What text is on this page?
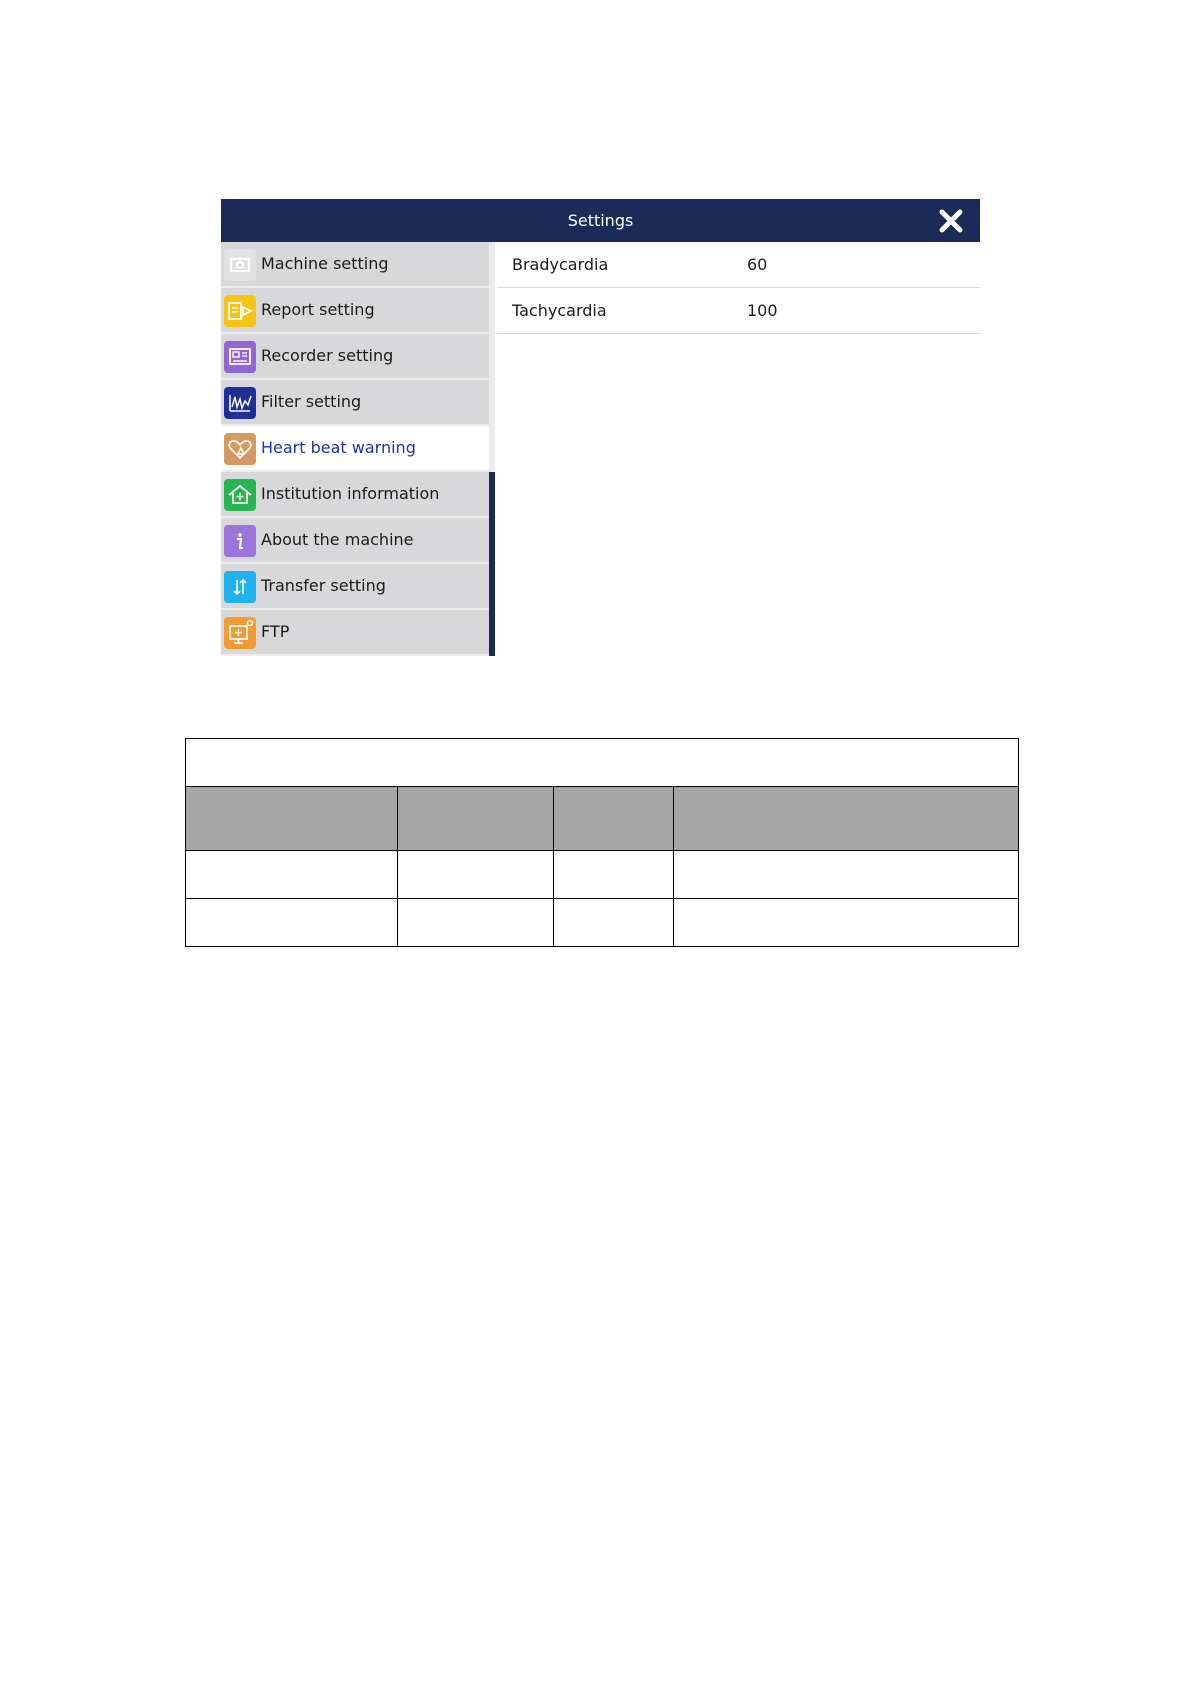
Settings
Machine setting
Report setting
Recorder setting
Filter setting
Heart beat warning
Institution information
About the machine
Transfer setting
FTP
Bradycardia	60
Tachycardia	100
